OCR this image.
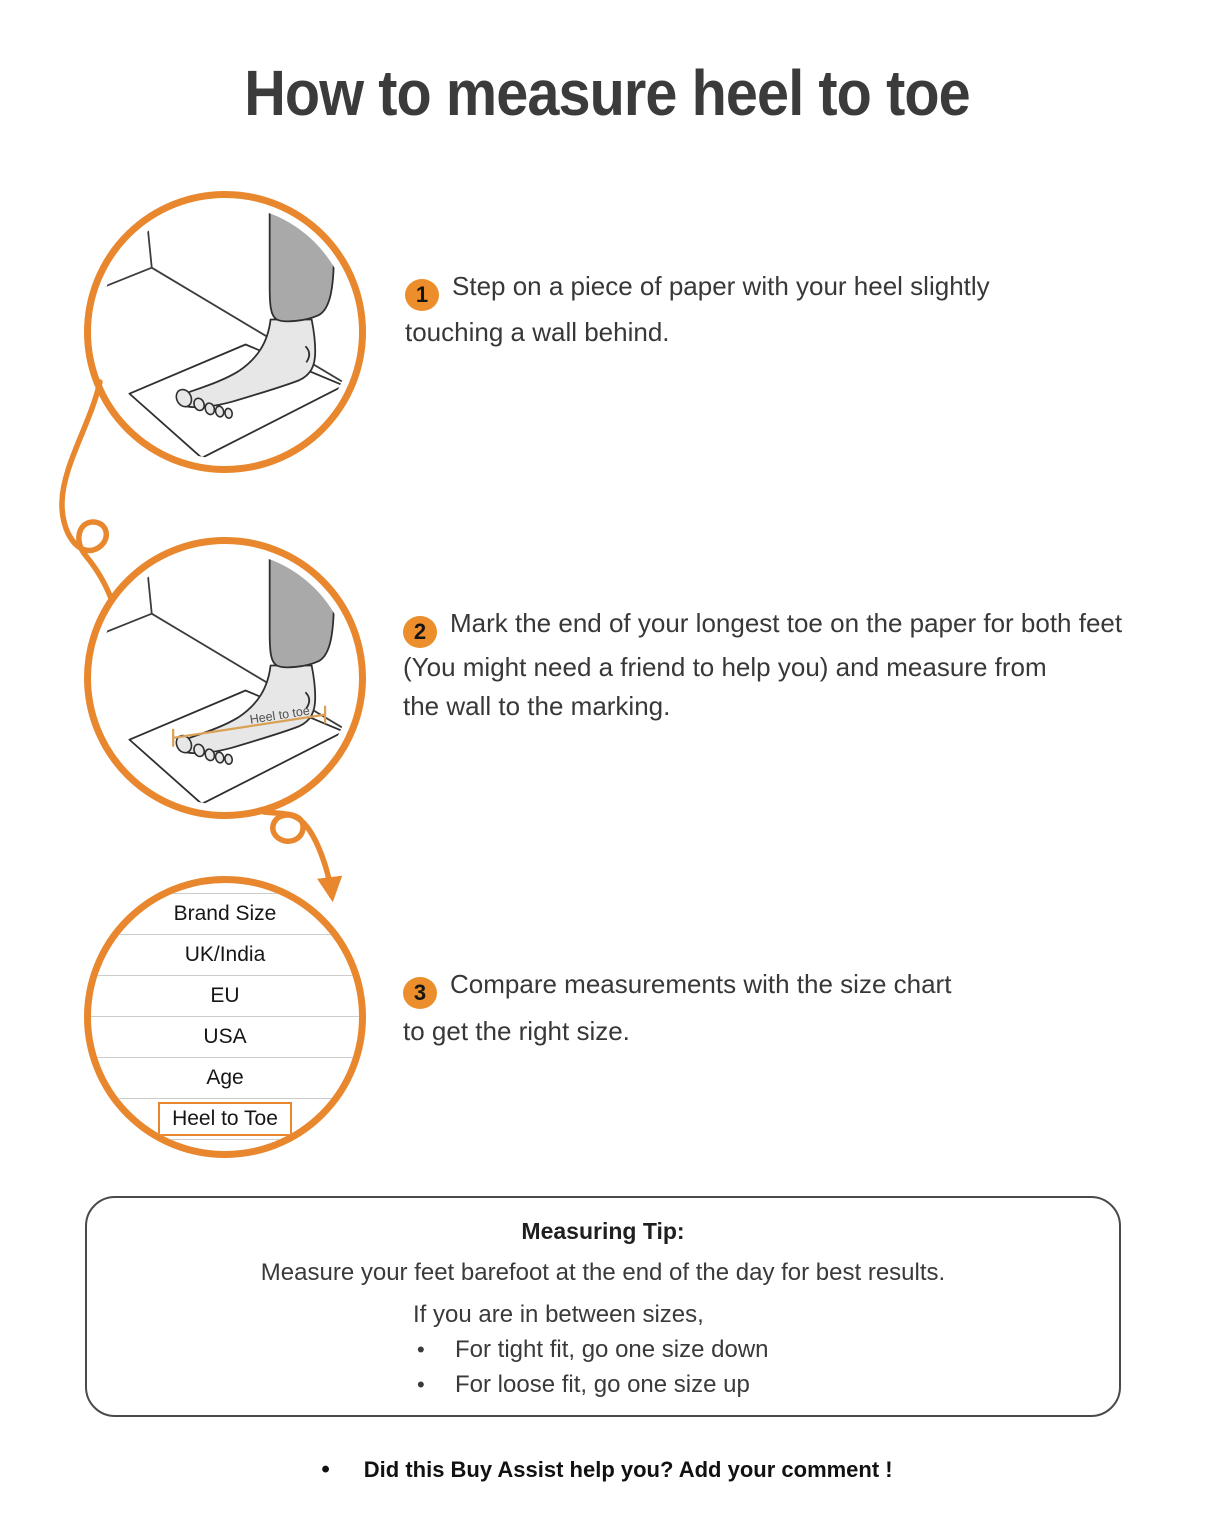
How to measure heel to toe
Heel to toe
Brand Size
UK/India
EU
USA
Age
Heel to Toe
1 Step on a piece of paper with your heel slightly
touching a wall behind.
2 Mark the end of your longest toe on the paper for both feet
(You might need a friend to help you) and measure from
the wall to the marking.
3 Compare measurements with the size chart
to get the right size.
Measuring Tip:
Measure your feet barefoot at the end of the day for best results.
If you are in between sizes,
• For tight fit, go one size down
• For loose fit, go one size up
• Did this Buy Assist help you? Add your comment !
